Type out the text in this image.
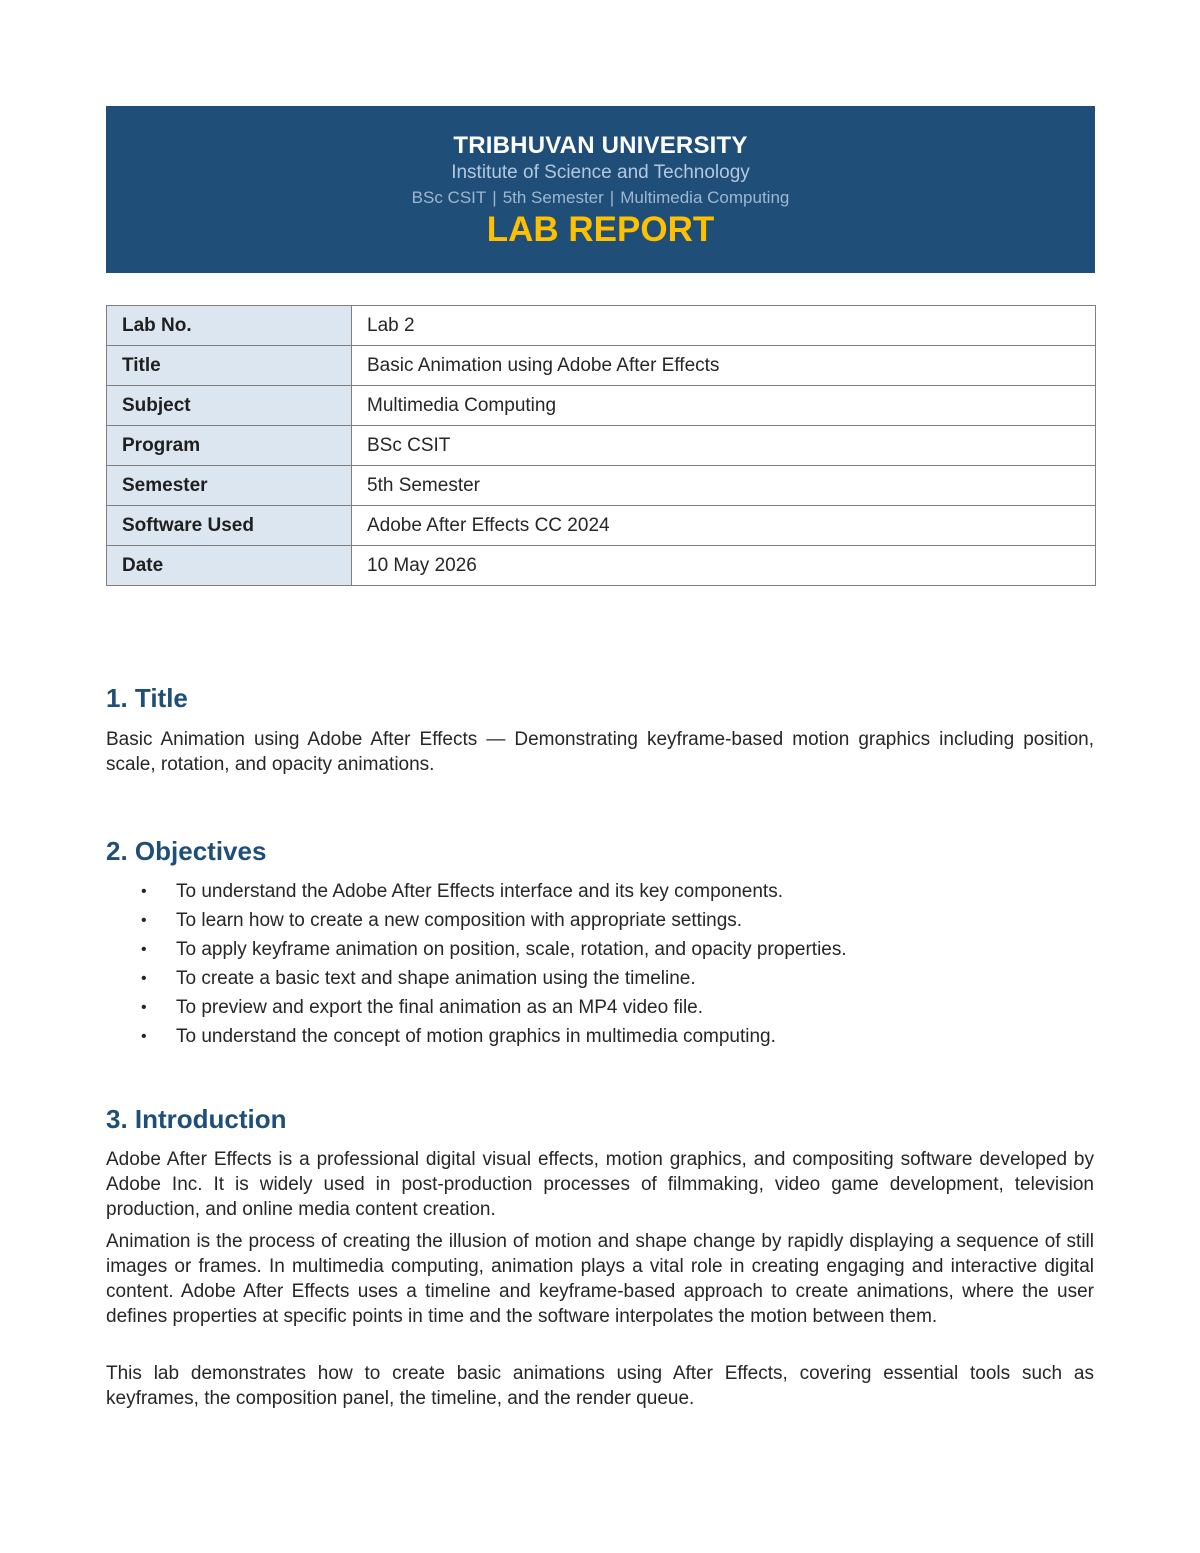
TRIBHUVAN UNIVERSITY
Institute of Science and Technology
BSc CSIT | 5th Semester | Multimedia Computing
LAB REPORT
Lab No.	Lab 2
Title	Basic Animation using Adobe After Effects
Subject	Multimedia Computing
Program	BSc CSIT
Semester	5th Semester
Software Used	Adobe After Effects CC 2024
Date	10 May 2026
1. Title

Basic Animation using Adobe After Effects — Demonstrating keyframe-based motion graphics including position, scale, rotation, and opacity animations.

2. Objectives
• To understand the Adobe After Effects interface and its key components.
• To learn how to create a new composition with appropriate settings.
• To apply keyframe animation on position, scale, rotation, and opacity properties.
• To create a basic text and shape animation using the timeline.
• To preview and export the final animation as an MP4 video file.
• To understand the concept of motion graphics in multimedia computing.
3. Introduction

Adobe After Effects is a professional digital visual effects, motion graphics, and compositing software developed by Adobe Inc. It is widely used in post-production processes of filmmaking, video game development, television production, and online media content creation.

Animation is the process of creating the illusion of motion and shape change by rapidly displaying a sequence of still images or frames. In multimedia computing, animation plays a vital role in creating engaging and interactive digital content. Adobe After Effects uses a timeline and keyframe-based approach to create animations, where the user defines properties at specific points in time and the software interpolates the motion between them.

This lab demonstrates how to create basic animations using After Effects, covering essential tools such as keyframes, the composition panel, the timeline, and the render queue.
